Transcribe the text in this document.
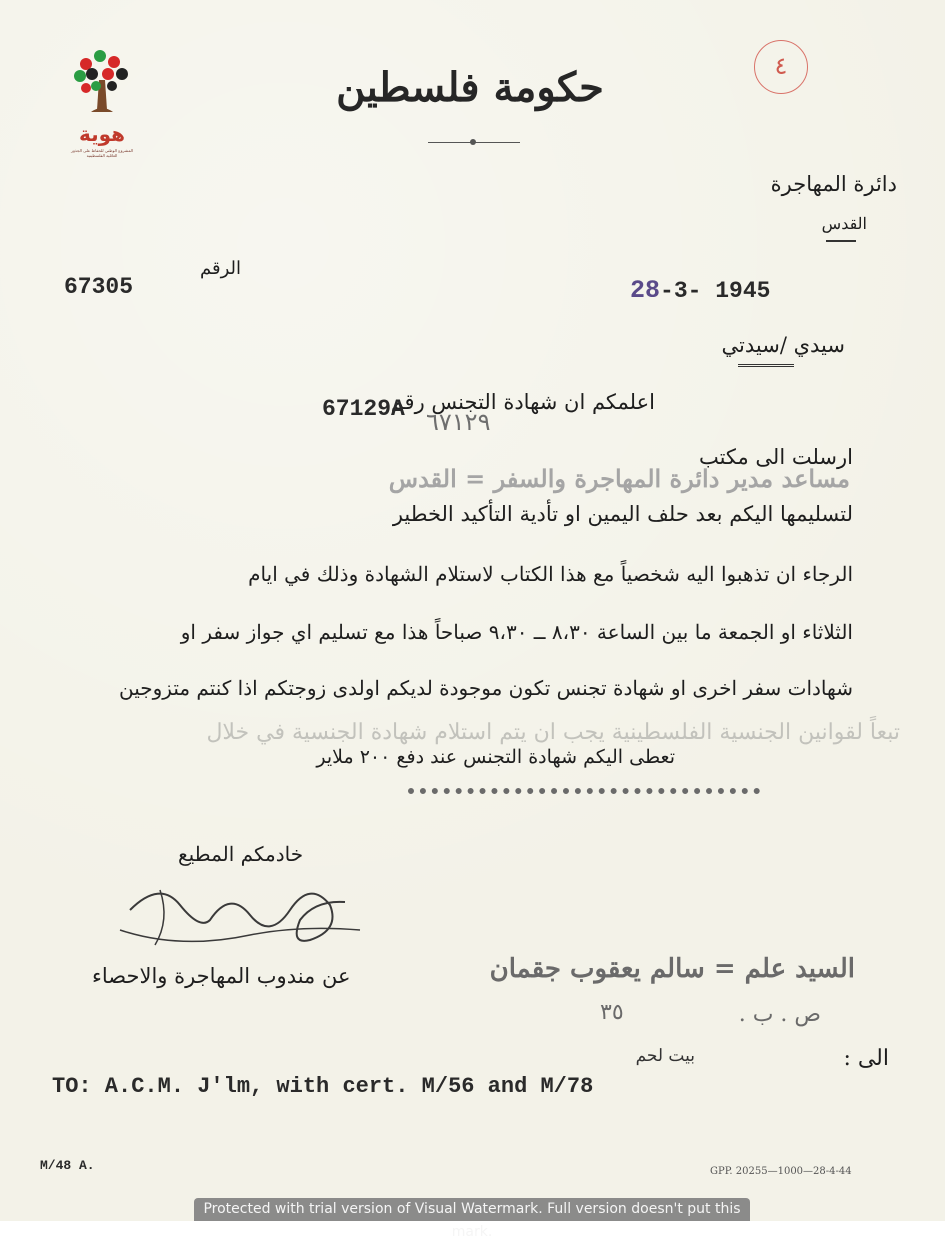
هوية
المشروع الوطني للحفاظ على الجذور العائلية الفلسطينية
٤
حكومة فلسطين
دائرة المهاجرة
القدس
الرقم
67305	28-3- 1945
سيدي /سيدتي
اعلمكم ان شهادة التجنس رقم
٦٧١٢٩
67129A
ارسلت الى مكتب
مساعد مدير دائرة المهاجرة والسفر = القدس
لتسليمها اليكم بعد حلف اليمين او تأدية التأكيد الخطير
الرجاء ان تذهبوا اليه شخصياً مع هذا الكتاب لاستلام الشهادة وذلك في ايام
الثلاثاء او الجمعة ما بين الساعة ٨،٣٠ ــ ٩،٣٠ صباحاً هذا مع تسليم اي جواز سفر او
شهادات سفر اخرى او شهادة تجنس تكون موجودة لديكم اولدى زوجتكم اذا كنتم متزوجين
تبعاً لقوانين الجنسية الفلسطينية يجب ان يتم استلام شهادة الجنسية في خلال
تعطى اليكم شهادة التجنس عند دفع ٢٠٠ ملاير
خادمكم المطيع
عن مندوب المهاجرة والاحصاء	السيد علم = سالم يعقوب جقمان
ص . ب .
٣٥
بيت لحم	الى :
TO: A.C.M. J'lm, with cert. M/56 and M/78
M/48 A.	GPP. 20255—1000—28-4-44
Protected with trial version of Visual Watermark. Full version doesn't put this mark.
